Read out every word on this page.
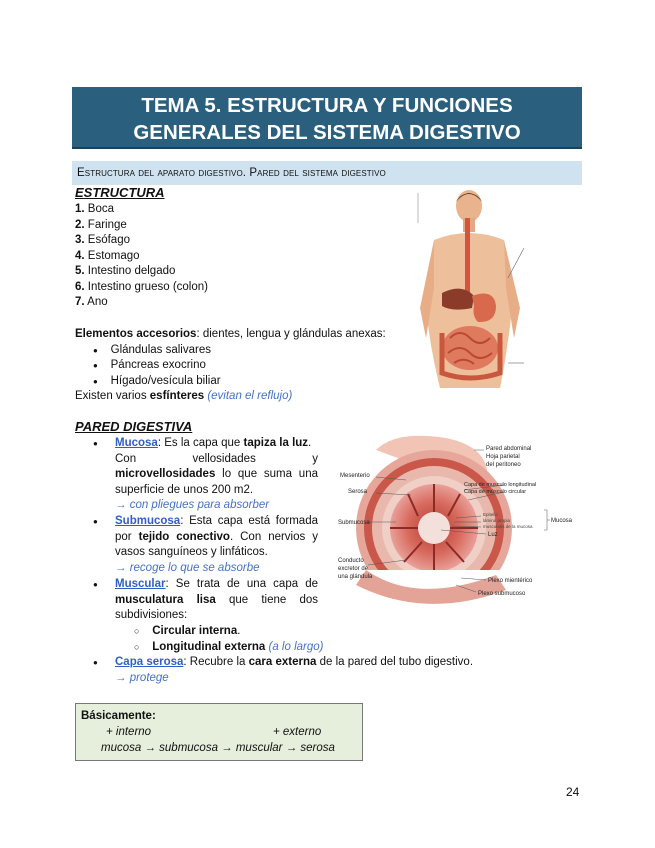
TEMA 5. ESTRUCTURA Y FUNCIONES
GENERALES DEL SISTEMA DIGESTIVO
Estructura del aparato digestivo. Pared del sistema digestivo
ESTRUCTURA
1. Boca
2. Faringe
3. Esófago
4. Estomago
5. Intestino delgado
6. Intestino grueso (colon)
7. Ano
Elementos accesorios: dientes, lengua y glándulas anexas:
● Glándulas salivares
● Páncreas exocrino
● Hígado/vesícula biliar
Existen varios esfínteres (evitan el reflujo)
PARED DIGESTIVA
● Mucosa: Es la capa que tapiza la luz.
Con vellosidades y
microvellosidades lo que suma una
superficie de unos 200 m2.
→ con pliegues para absorber
● Submucosa: Esta capa está formada
por tejido conectivo. Con nervios y
vasos sanguíneos y linfáticos.
→ recoge lo que se absorbe
● Muscular: Se trata de una capa de
musculatura lisa que tiene dos
subdivisiones:
○ Circular interna.
○ Longitudinal externa (a lo largo)
● Capa serosa: Recubre la cara externa de la pared del tubo digestivo.
→ protege
Pared abdominal
Hoja parietal
del peritoneo
Mesenterio
Serosa
Capa de musculo longitudinal
Capa de músculo circular
Submucosa
Epitelio
lámina propia
muscularis de la mucosa
Mucosa
Luz
Conducto
excretor de
una glándula
Plexo mientérico
Plexo submucoso
Básicamente:
+ interno	+ externo
mucosa → submucosa → muscular → serosa
24
